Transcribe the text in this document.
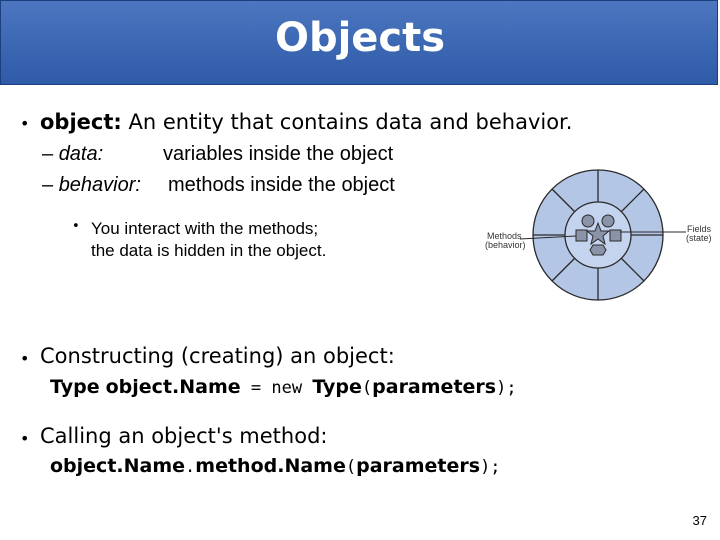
Objects
• object: An entity that contains data and behavior.
– data:	variables inside the object
– behavior: methods inside the object
• You interact with the methods;
the data is hidden in the object.
Methods
(behavior)
Fields
(state)
• Constructing (creating) an object:
Type object.Name = new Type(parameters);
• Calling an object's method:
object.Name.method.Name(parameters);
37
